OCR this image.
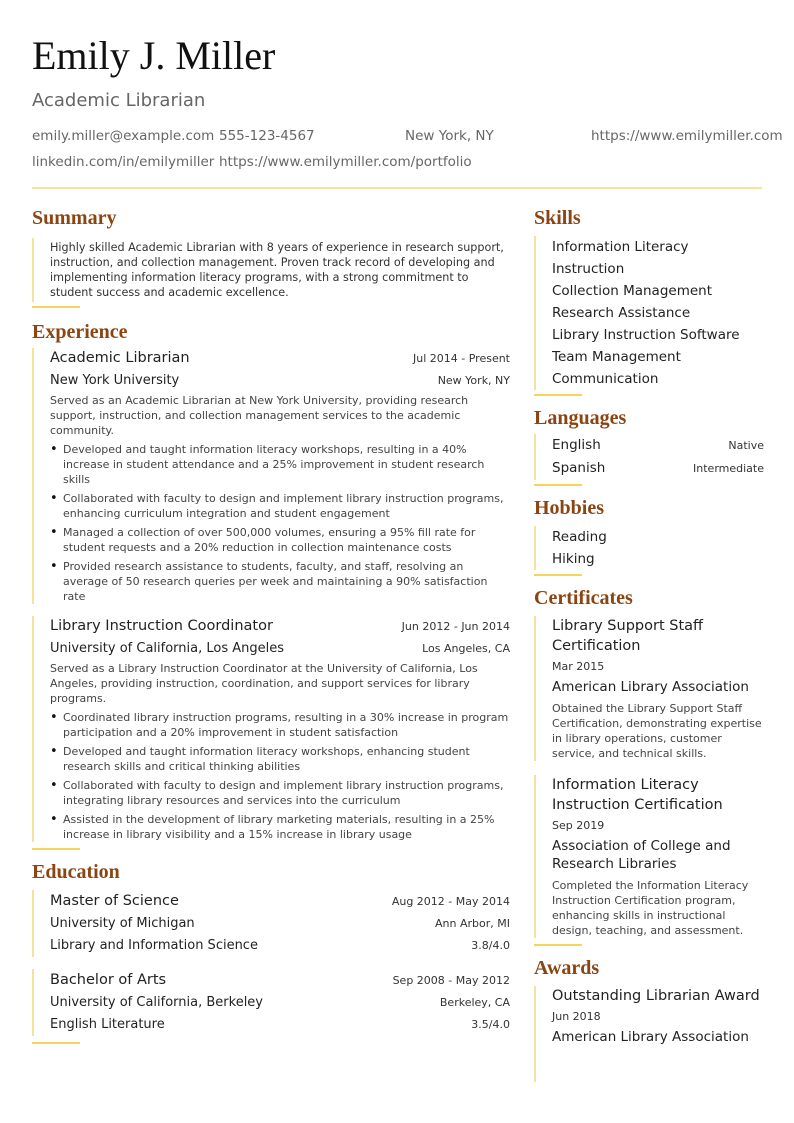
Emily J. Miller
Academic Librarian
emily.miller@example.com 555-123-4567	New York, NY	https://www.emilymiller.com
linkedin.com/in/emilymiller https://www.emilymiller.com/portfolio
Summary
Highly skilled Academic Librarian with 8 years of experience in research support, instruction, and collection management. Proven track record of developing and implementing information literacy programs, with a strong commitment to student success and academic excellence.
Experience
Academic Librarian	Jul 2014 - Present
New York University	New York, NY
Served as an Academic Librarian at New York University, providing research support, instruction, and collection management services to the academic community.
• Developed and taught information literacy workshops, resulting in a 40% increase in student attendance and a 25% improvement in student research skills
• Collaborated with faculty to design and implement library instruction programs, enhancing curriculum integration and student engagement
• Managed a collection of over 500,000 volumes, ensuring a 95% fill rate for student requests and a 20% reduction in collection maintenance costs
• Provided research assistance to students, faculty, and staff, resolving an average of 50 research queries per week and maintaining a 90% satisfaction rate
Library Instruction Coordinator	Jun 2012 - Jun 2014
University of California, Los Angeles	Los Angeles, CA
Served as a Library Instruction Coordinator at the University of California, Los Angeles, providing instruction, coordination, and support services for library programs.
• Coordinated library instruction programs, resulting in a 30% increase in program participation and a 20% improvement in student satisfaction
• Developed and taught information literacy workshops, enhancing student research skills and critical thinking abilities
• Collaborated with faculty to design and implement library instruction programs, integrating library resources and services into the curriculum
• Assisted in the development of library marketing materials, resulting in a 25% increase in library visibility and a 15% increase in library usage
Education
Master of Science	Aug 2012 - May 2014
University of Michigan	Ann Arbor, MI
Library and Information Science	3.8/4.0
Bachelor of Arts	Sep 2008 - May 2012
University of California, Berkeley	Berkeley, CA
English Literature	3.5/4.0
Skills
Information Literacy Instruction
Collection Management
Research Assistance
Library Instruction Software
Team Management
Communication
Languages
English	Native
Spanish	Intermediate
Hobbies
Reading
Hiking
Certificates
Library Support Staff Certification
Mar 2015
American Library Association
Obtained the Library Support Staff Certification, demonstrating expertise in library operations, customer service, and technical skills.
Information Literacy Instruction Certification
Sep 2019
Association of College and Research Libraries
Completed the Information Literacy Instruction Certification program, enhancing skills in instructional design, teaching, and assessment.
Awards
Outstanding Librarian Award
Jun 2018
American Library Association
